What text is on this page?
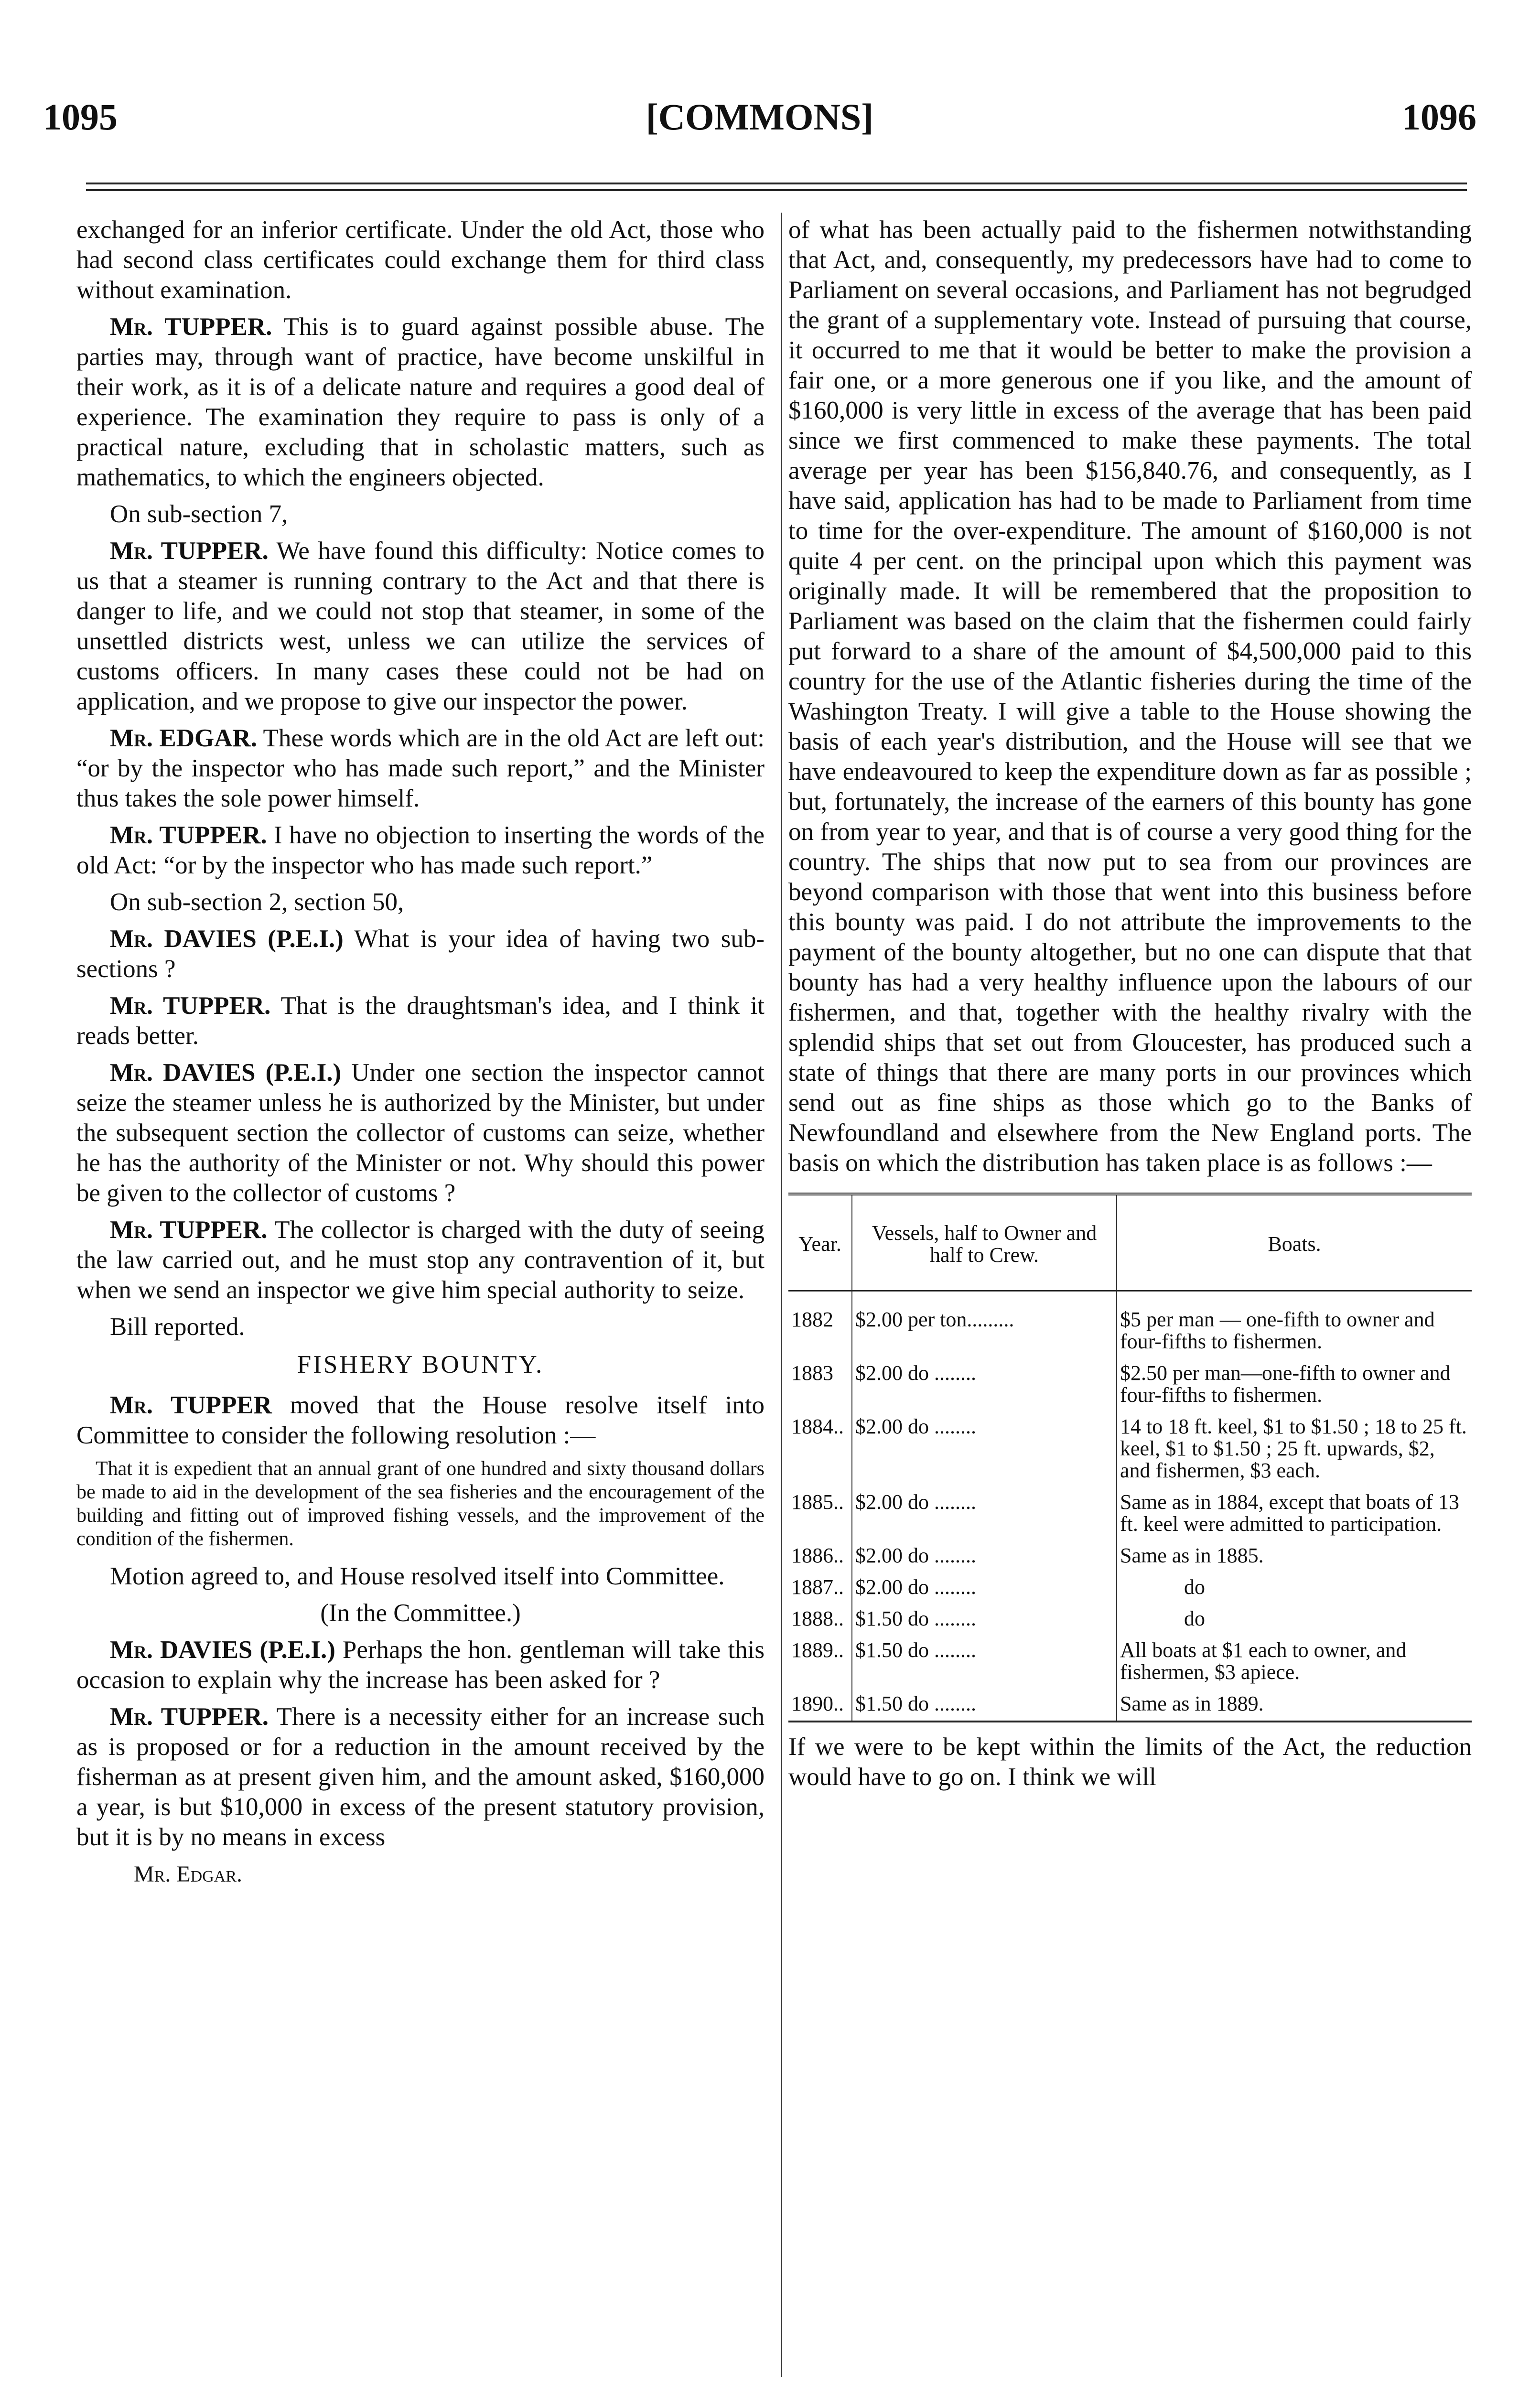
1095	[COMMONS]	1096

exchanged for an inferior certificate. Under the old Act, those who had second class certificates could exchange them for third class without examination.

Mr. TUPPER. This is to guard against possible abuse. The parties may, through want of practice, have become unskilful in their work, as it is of a delicate nature and requires a good deal of experience. The examination they require to pass is only of a practical nature, excluding that in scholastic matters, such as mathematics, to which the engineers objected.

On sub-section 7,

Mr. TUPPER. We have found this difficulty: Notice comes to us that a steamer is running contrary to the Act and that there is danger to life, and we could not stop that steamer, in some of the unsettled districts west, unless we can utilize the services of customs officers. In many cases these could not be had on application, and we propose to give our inspector the power.

Mr. EDGAR. These words which are in the old Act are left out: “or by the inspector who has made such report,” and the Minister thus takes the sole power himself.

Mr. TUPPER. I have no objection to inserting the words of the old Act: “or by the inspector who has made such report.”

On sub-section 2, section 50,

Mr. DAVIES (P.E.I.) What is your idea of having two sub-sections ?

Mr. TUPPER. That is the draughtsman's idea, and I think it reads better.

Mr. DAVIES (P.E.I.) Under one section the inspector cannot seize the steamer unless he is authorized by the Minister, but under the subsequent section the collector of customs can seize, whether he has the authority of the Minister or not. Why should this power be given to the collector of customs ?

Mr. TUPPER. The collector is charged with the duty of seeing the law carried out, and he must stop any contravention of it, but when we send an inspector we give him special authority to seize.

Bill reported.

FISHERY BOUNTY.

Mr. TUPPER moved that the House resolve itself into Committee to consider the following resolution :—

That it is expedient that an annual grant of one hundred and sixty thousand dollars be made to aid in the development of the sea fisheries and the encouragement of the building and fitting out of improved fishing vessels, and the improvement of the condition of the fishermen.

Motion agreed to, and House resolved itself into Committee.

(In the Committee.)

Mr. DAVIES (P.E.I.) Perhaps the hon. gentleman will take this occasion to explain why the increase has been asked for ?

Mr. TUPPER. There is a necessity either for an increase such as is proposed or for a reduction in the amount received by the fisherman as at present given him, and the amount asked, $160,000 a year, is but $10,000 in excess of the present statutory provision, but it is by no means in excess

Mr. Edgar.

of what has been actually paid to the fishermen notwithstanding that Act, and, consequently, my predecessors have had to come to Parliament on several occasions, and Parliament has not begrudged the grant of a supplementary vote. Instead of pursuing that course, it occurred to me that it would be better to make the provision a fair one, or a more generous one if you like, and the amount of $160,000 is very little in excess of the average that has been paid since we first commenced to make these payments. The total average per year has been $156,840.76, and consequently, as I have said, application has had to be made to Parliament from time to time for the over-expenditure. The amount of $160,000 is not quite 4 per cent. on the principal upon which this payment was originally made. It will be remembered that the proposition to Parliament was based on the claim that the fishermen could fairly put forward to a share of the amount of $4,500,000 paid to this country for the use of the Atlantic fisheries during the time of the Washington Treaty. I will give a table to the House showing the basis of each year's distribution, and the House will see that we have endeavoured to keep the expenditure down as far as possible ; but, fortunately, the increase of the earners of this bounty has gone on from year to year, and that is of course a very good thing for the country. The ships that now put to sea from our provinces are beyond comparison with those that went into this business before this bounty was paid. I do not attribute the improvements to the payment of the bounty altogether, but no one can dispute that that bounty has had a very healthy influence upon the labours of our fishermen, and that, together with the healthy rivalry with the splendid ships that set out from Gloucester, has produced such a state of things that there are many ports in our provinces which send out as fine ships as those which go to the Banks of Newfoundland and elsewhere from the New England ports. The basis on which the distribution has taken place is as follows :—

Year.	Vessels, half to Owner and half to Crew.	Boats.
1882	$2.00 per ton.........	$5 per man — one-fifth to owner and four-fifths to fishermen.
1883	$2.00 do ........	$2.50 per man—one-fifth to owner and four-fifths to fishermen.
1884..	$2.00 do ........	14 to 18 ft. keel, $1 to $1.50 ; 18 to 25 ft. keel, $1 to $1.50 ; 25 ft. upwards, $2, and fishermen, $3 each.
1885..	$2.00 do ........	Same as in 1884, except that boats of 13 ft. keel were admitted to participation.
1886..	$2.00 do ........	Same as in 1885.
1887..	$2.00 do ........	do
1888..	$1.50 do ........	do
1889..	$1.50 do ........	All boats at $1 each to owner, and fishermen, $3 apiece.
1890..	$1.50 do ........	Same as in 1889.

If we were to be kept within the limits of the Act, the reduction would have to go on. I think we will
